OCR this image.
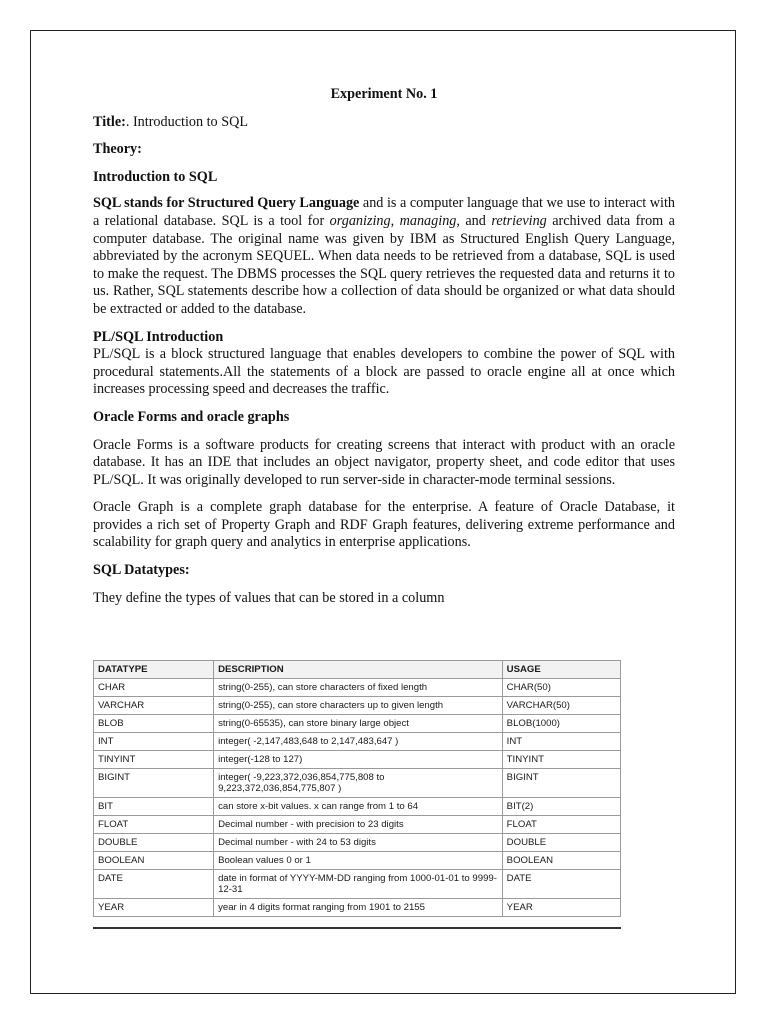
Experiment No. 1
Title:. Introduction to SQL
Theory:
Introduction to SQL
SQL stands for Structured Query Language and is a computer language that we use to interact with a relational database. SQL is a tool for organizing, managing, and retrieving archived data from a computer database. The original name was given by IBM as Structured English Query Language, abbreviated by the acronym SEQUEL. When data needs to be retrieved from a database, SQL is used to make the request. The DBMS processes the SQL query retrieves the requested data and returns it to us. Rather, SQL statements describe how a collection of data should be organized or what data should be extracted or added to the database.
PL/SQL Introduction
PL/SQL is a block structured language that enables developers to combine the power of SQL with procedural statements.All the statements of a block are passed to oracle engine all at once which increases processing speed and decreases the traffic.
Oracle Forms and oracle graphs
Oracle Forms is a software products for creating screens that interact with product with an oracle database. It has an IDE that includes an object navigator, property sheet, and code editor that uses PL/SQL. It was originally developed to run server-side in character-mode terminal sessions.
Oracle Graph is a complete graph database for the enterprise. A feature of Oracle Database, it provides a rich set of Property Graph and RDF Graph features, delivering extreme performance and scalability for graph query and analytics in enterprise applications.
SQL Datatypes:
They define the types of values that can be stored in a column
DATATYPE	DESCRIPTION	USAGE
CHAR	string(0-255), can store characters of fixed length	CHAR(50)
VARCHAR	string(0-255), can store characters up to given length	VARCHAR(50)
BLOB	string(0-65535), can store binary large object	BLOB(1000)
INT	integer( -2,147,483,648 to 2,147,483,647 )	INT
TINYINT	integer(-128 to 127)	TINYINT
BIGINT	integer( -9,223,372,036,854,775,808 to 9,223,372,036,854,775,807 )	BIGINT
BIT	can store x-bit values. x can range from 1 to 64	BIT(2)
FLOAT	Decimal number - with precision to 23 digits	FLOAT
DOUBLE	Decimal number - with 24 to 53 digits	DOUBLE
BOOLEAN	Boolean values 0 or 1	BOOLEAN
DATE	date in format of YYYY-MM-DD ranging from 1000-01-01 to 9999-12-31	DATE
YEAR	year in 4 digits format ranging from 1901 to 2155	YEAR
